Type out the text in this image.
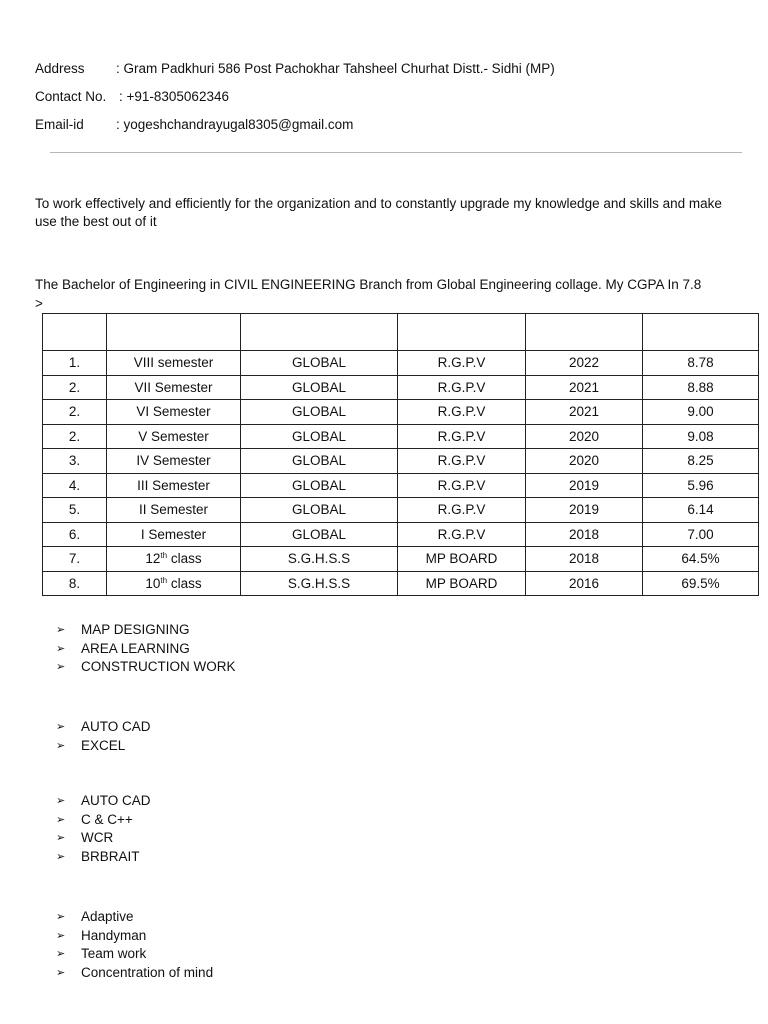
Address : Gram Padkhuri 586 Post Pachokhar Tahsheel Churhat Distt.- Sidhi (MP)
Contact No. : +91-8305062346
Email-id : yogeshchandrayugal8305@gmail.com
To work effectively and efficiently for the organization and to constantly upgrade my knowledge and skills and make use the best out of it
The Bachelor of Engineering in CIVIL ENGINEERING Branch from Global Engineering collage. My CGPA In 7.8
>

1.	VIII semester	GLOBAL	R.G.P.V	2022	8.78
2.	VII Semester	GLOBAL	R.G.P.V	2021	8.88
2.	VI Semester	GLOBAL	R.G.P.V	2021	9.00
2.	V Semester	GLOBAL	R.G.P.V	2020	9.08
3.	IV Semester	GLOBAL	R.G.P.V	2020	8.25
4.	III Semester	GLOBAL	R.G.P.V	2019	5.96
5.	II Semester	GLOBAL	R.G.P.V	2019	6.14
6.	I Semester	GLOBAL	R.G.P.V	2018	7.00
7.	12th class	S.G.H.S.S	MP BOARD	2018	64.5%
8.	10th class	S.G.H.S.S	MP BOARD	2016	69.5%
➢ MAP DESIGNING
➢ AREA LEARNING
➢ CONSTRUCTION WORK
➢ AUTO CAD
➢ EXCEL
➢ AUTO CAD
➢ C & C++
➢ WCR
➢ BRBRAIT
➢ Adaptive
➢ Handyman
➢ Team work
➢ Concentration of mind
